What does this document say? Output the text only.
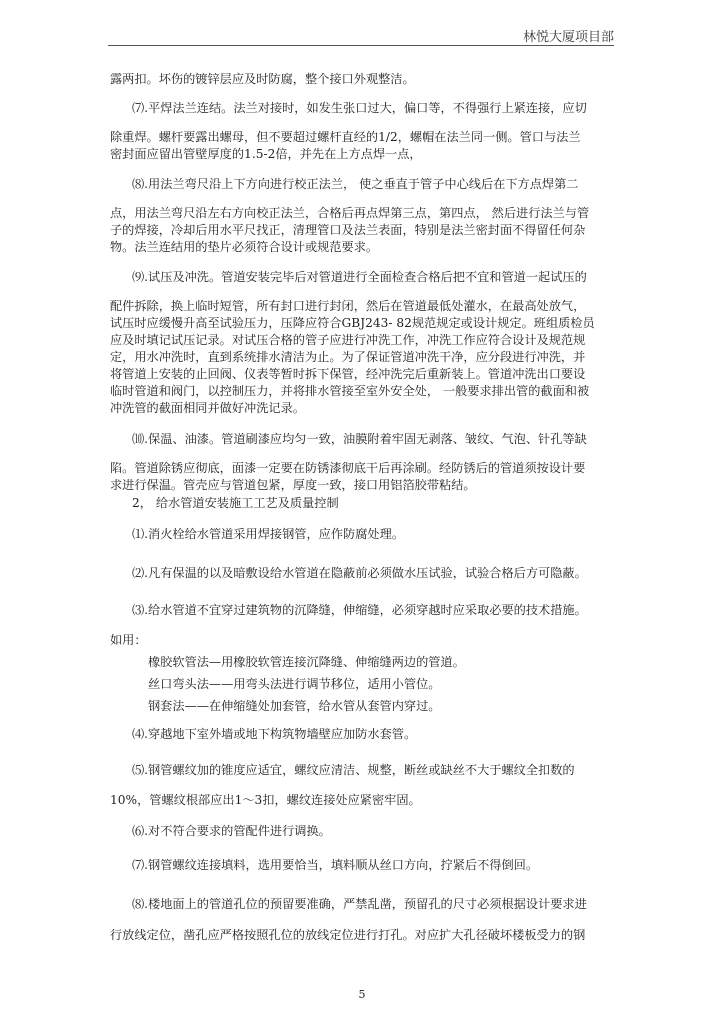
林悦大厦项目部
露两扣。坏伤的镀锌层应及时防腐，整个接口外观整洁。
⑺.平焊法兰连结。法兰对接时，如发生张口过大，偏口等，不得强行上紧连接，应切
除重焊。螺杆要露出螺母，但不要超过螺杆直经的1/2，螺帽在法兰同一侧。管口与法兰
密封面应留出管壁厚度的1.5-2倍，并先在上方点焊一点，
⑻.用法兰弯尺沿上下方向进行校正法兰， 使之垂直于管子中心线后在下方点焊第二
点，用法兰弯尺沿左右方向校正法兰，合格后再点焊第三点，第四点， 然后进行法兰与管
子的焊接，冷却后用水平尺找正，清理管口及法兰表面，特别是法兰密封面不得留任何杂
物。法兰连结用的垫片必须符合设计或规范要求。
⑼.试压及冲洗。管道安装完毕后对管道进行全面检查合格后把不宜和管道一起试压的
配件拆除，换上临时短管，所有封口进行封闭，然后在管道最低处灌水，在最高处放气，
试压时应缓慢升高至试验压力，压降应符合GBJ243- 82规范规定或设计规定。班组质检员
应及时填记试压记录。对试压合格的管子应进行冲洗工作，冲洗工作应符合设计及规范规
定，用水冲洗时，直到系统排水清洁为止。为了保证管道冲洗干净，应分段进行冲洗，并
将管道上安装的止回阀、仪表等暂时拆下保管，经冲洗完后重新装上。管道冲洗出口要设
临时管道和阀门，以控制压力，并将排水管接至室外安全处， 一般要求排出管的截面和被
冲洗管的截面相同并做好冲洗记录。
⑽.保温、油漆。管道刷漆应均匀一致，油膜附着牢固无剥落、皱纹、气泡、针孔等缺
陷。管道除锈应彻底，面漆一定要在防锈漆彻底干后再涂刷。经防锈后的管道须按设计要
求进行保温。管壳应与管道包紧，厚度一致，接口用铝箔胶带粘结。
2， 给水管道安装施工工艺及质量控制
⑴.消火栓给水管道采用焊接钢管，应作防腐处理。
⑵.凡有保温的以及暗敷设给水管道在隐蔽前必须做水压试验，试验合格后方可隐蔽。
⑶.给水管道不宜穿过建筑物的沉降缝，伸缩缝，必须穿越时应采取必要的技术措施。
如用：
橡胶软管法—用橡胶软管连接沉降缝、伸缩缝两边的管道。
丝口弯头法——用弯头法进行调节移位，适用小管位。
钢套法——在伸缩缝处加套管，给水管从套管内穿过。
⑷.穿越地下室外墙或地下构筑物墙壁应加防水套管。
⑸.钢管螺纹加的锥度应适宜，螺纹应清洁、规整，断丝或缺丝不大于螺纹全扣数的
10%，管螺纹根部应出1～3扣，螺纹连接处应紧密牢固。
⑹.对不符合要求的管配件进行调换。
⑺.钢管螺纹连接填料，选用要恰当，填料顺从丝口方向，拧紧后不得倒回。
⑻.楼地面上的管道孔位的预留要准确，严禁乱凿，预留孔的尺寸必须根据设计要求进
行放线定位，凿孔应严格按照孔位的放线定位进行打孔。对应扩大孔径破坏楼板受力的钢
5
